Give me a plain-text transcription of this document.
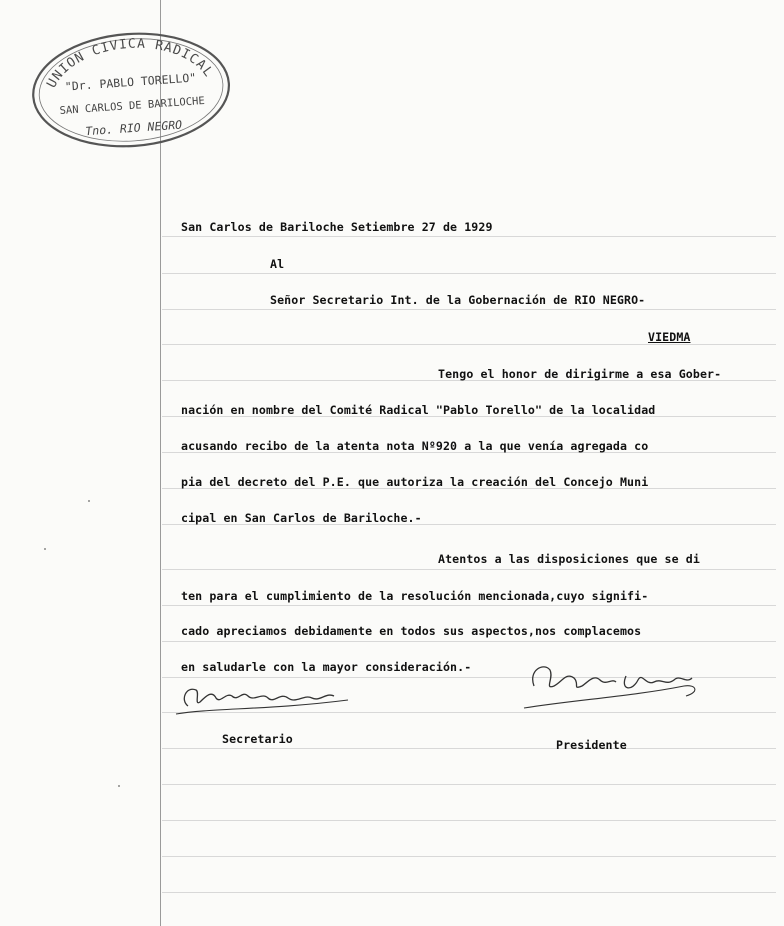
UNION CIVICA RADICAL
"Dr. PABLO TORELLO"
SAN CARLOS DE BARILOCHE
Tno. RIO NEGRO
San Carlos de Bariloche Setiembre 27 de 1929
Al
Señor Secretario Int. de la Gobernación de RIO NEGRO-
VIEDMA
Tengo el honor de dirigirme a esa Gober-
nación en nombre del Comité Radical "Pablo Torello" de la localidad
acusando recibo de la atenta nota Nº920 a la que venía agregada co
pia del decreto del P.E. que autoriza la creación del Concejo Muni
cipal en San Carlos de Bariloche.-
Atentos a las disposiciones que se di
ten para el cumplimiento de la resolución mencionada,cuyo signifi-
cado apreciamos debidamente en todos sus aspectos,nos complacemos
en saludarle con la mayor consideración.-
Secretario	Presidente
